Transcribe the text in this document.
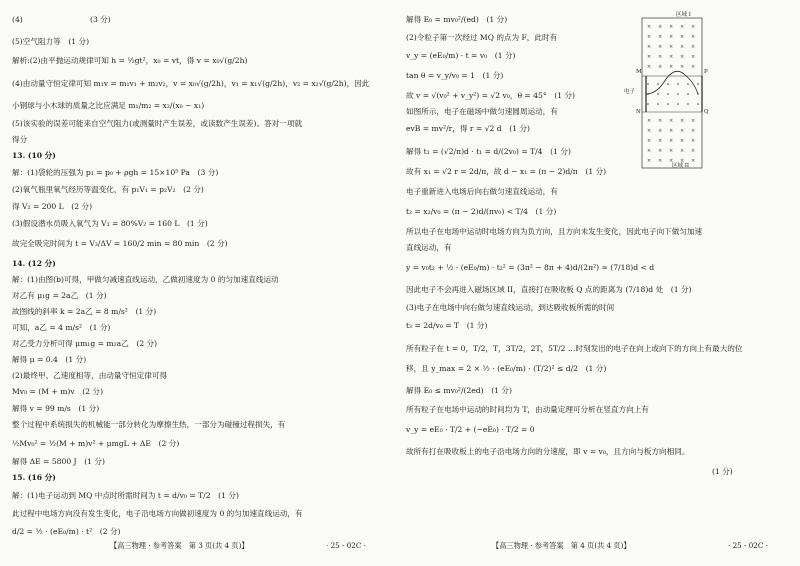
(4)	(3 分)
(5)空气阻力等　(1 分)
解析:(2)由平抛运动规律可知 h = ½gt²，x₀ = vt，得 v = x₀√(g/2h)
(4)由动量守恒定律可知 m₁v = m₁v₁ + m₂v₂，v = x₀√(g/2h)，v₁ = x₁√(g/2h)，v₂ = x₂√(g/2h)，因此
小钢球与小木球的质量之比应满足 m₁/m₂ = x₂/(x₀ − x₁)
(5)该实验的误差可能来自空气阻力(或测量时产生误差，或读数产生误差)。答对一项就
得分
13. (10 分)
解：(1)袋轮的压强为 p₁ = p₀ + ρgh = 15×10⁵ Pa　(3 分)
(2)氧气瓶里氧气经历等温变化，有 p₁V₁ = p₂V₂　(2 分)
得 V₂ = 200 L　(2 分)
(3)假设潜水员吸入氧气为 V₃ = 80%V₂ = 160 L　(1 分)
故完全吸完时间为 t = V₃/ΔV = 160/2 min = 80 min　(2 分)
14. (12 分)
解：(1)由图(b)可得，甲做匀减速直线运动，乙做初速度为 0 的匀加速直线运动
对乙有 μ₁g = 2a乙　(1 分)
故图线的斜率 k = 2a乙 = 8 m/s²　(1 分)
可知，a乙 = 4 m/s²　(1 分)
对乙受力分析可得 μm₁g = m₂a乙　(2 分)
解得 μ = 0.4　(1 分)
(2)最终甲、乙速度相等，由动量守恒定律可得
Mv₀ = (M + m)v　(2 分)
解得 v = 99 m/s　(1 分)
整个过程中系统损失的机械能一部分转化为摩擦生热，一部分为碰撞过程损失，有
½Mv₀² = ½(M + m)v² + μmgL + ΔE　(2 分)
解得 ΔE = 5800 J　(1 分)
15. (16 分)
解：(1)电子运动到 MQ 中点时所需时间为 t = d/v₀ = T/2　(1 分)
此过程中电场方向没有发生变化，电子沿电场方向做初速度为 0 的匀加速直线运动，有
d/2 = ½ · (eE₀/m) · t²　(2 分)
【高三物理 · 参考答案　第 3 页(共 4 页)】	· 25 - 02C ·
× × × × ×
× × × × ×
× × × × ×
× × × × ×
× × × × ×
× × × × ×
× × × × ×
× × × × ×
× × × × ×
× × × × ×
区域 I
区域 II
M
N
P
Q
电子
解得 E₀ = mv₀²/(ed)　(1 分)
(2)令粒子第一次经过 MQ 的点为 F，此时有
v_y = (eE₀/m) · t = v₀　(1 分)
tan θ = v_y/v₀ = 1　(1 分)
故 v = √(v₀² + v_y²) = √2 v₀，θ = 45°　(1 分)
如图所示，电子在磁场中做匀速圆周运动，有
evB = mv²/r，得 r = √2 d　(1 分)
解得 t₁ = (√2/π)d · t₁ = d/(2v₀) = T/4　(1 分)
故有 x₁ = √2 r = 2d/π，故 d − x₁ = (π − 2)d/π　(1 分)
电子重新进入电场后向右做匀速直线运动，有
t₂ = x₂/v₀ = (π − 2)d/(πv₀) < T/4　(1 分)
所以电子在电场中运动时电场方向为负方向，且方向未发生变化，因此电子向下做匀加速
直线运动，有
y = v₀t₂ + ½ · (eE₀/m) · t₂² = (3π² − 8π + 4)d/(2π²) ≈ (7/18)d < d
因此电子不会再进入磁场区域 II，直接打在吸收板 Q 点的距离为 (7/18)d 处　(1 分)
(3)电子在电场中向右做匀速直线运动，到达吸收板所需的时间
t₃ = 2d/v₀ = T　(1 分)
所有粒子在 t = 0，T/2，T，3T/2，2T，5T/2 …时刻发出的电子在向上或向下的方向上有最大的位
移，且 y_max = 2 × ½ · (eE₀/m) · (T/2)² ≤ d/2　(1 分)
解得 E₀ ≤ mv₀²/(2ed)　(1 分)
所有粒子在电场中运动的时间均为 T，由动量定理可分析在竖直方向上有
v_y = eE₀ · T/2 + (−eE₀) · T/2 = 0
故所有打在吸收板上的电子沿电场方向的分速度，即 v = v₀，且方向与板方向相同。
(1 分)
【高三物理 · 参考答案　第 4 页(共 4 页)】	· 25 - 02C ·
